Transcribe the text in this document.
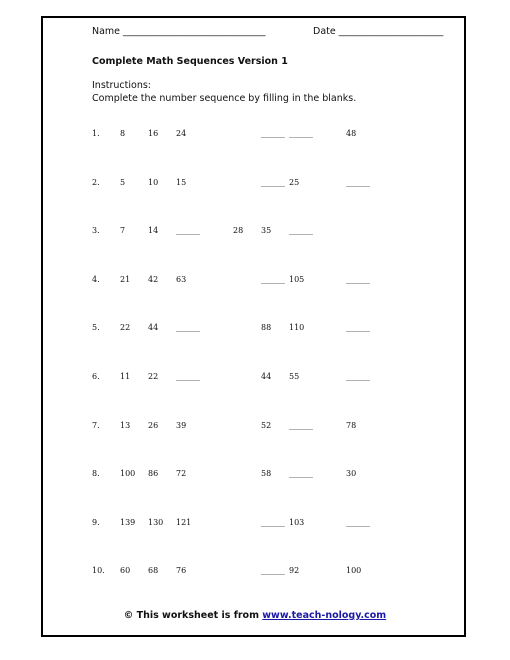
Name ______________________________	Date ______________________
Complete Math Sequences Version 1
Instructions:
Complete the number sequence by filling in the blanks.
1.	8	16 24	______ ______	48
2.	5	10 15	______ 25	______
3.	7	14 ______	28 35 ______
4.	21 42 63	______ 105	______
5.	22 44 ______	88 110	______
6.	11 22 ______	44 55	______
7.	13 26 39	52 ______	78
8.	100 86 72	58 ______	30
9.	139 130 121	______ 103	______
10. 60 68 76	______ 92	100
© This worksheet is from www.teach-nology.com
